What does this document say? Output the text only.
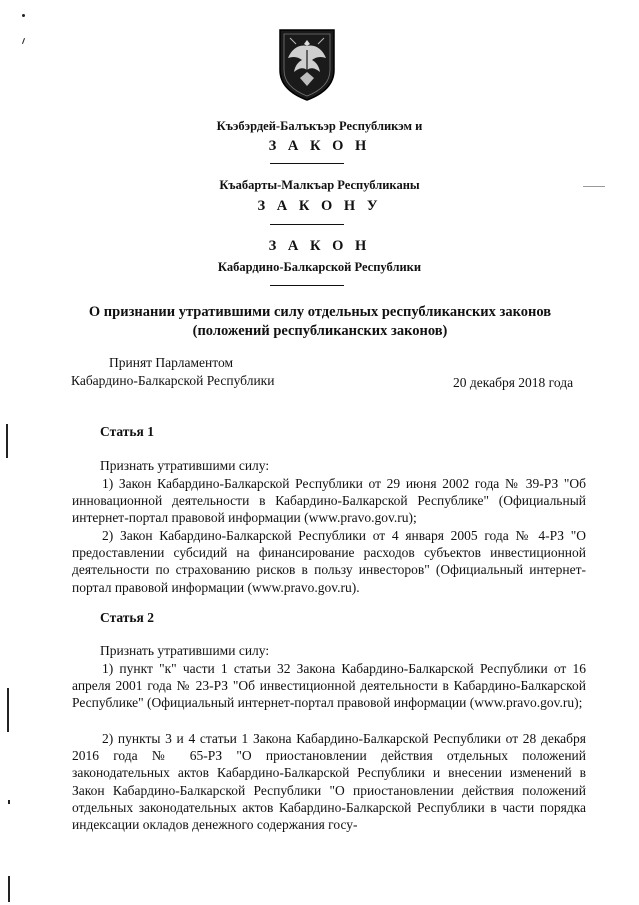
Къэбэрдей-Балъкъэр Республикэм и
З А К О Н
Къабарты-Малкъар Республиканы
З А К О Н У
З А К О Н
Кабардино-Балкарской Республики
О признании утратившими силу отдельных республиканских законов
(положений республиканских законов)
Принят Парламентом
Кабардино-Балкарской Республики	20 декабря 2018 года
Статья 1
Признать утратившими силу:
1) Закон Кабардино-Балкарской Республики от 29 июня 2002 года № 39-РЗ "Об инновационной деятельности в Кабардино-Балкарской Республике" (Официальный интернет-портал правовой информации (www.pravo.gov.ru);
2) Закон Кабардино-Балкарской Республики от 4 января 2005 года № 4-РЗ "О предоставлении субсидий на финансирование расходов субъектов инвестиционной деятельности по страхованию рисков в пользу инвесторов" (Официальный интернет-портал правовой информации (www.pravo.gov.ru).
Статья 2
Признать утратившими силу:
1) пункт "к" части 1 статьи 32 Закона Кабардино-Балкарской Республики от 16 апреля 2001 года № 23-РЗ "Об инвестиционной деятельности в Кабардино-Балкарской Республике" (Официальный интернет-портал правовой информации (www.pravo.gov.ru);
2) пункты 3 и 4 статьи 1 Закона Кабардино-Балкарской Республики от 28 декабря 2016 года № 65-РЗ "О приостановлении действия отдельных положений законодательных актов Кабардино-Балкарской Республики и внесении изменений в Закон Кабардино-Балкарской Республики "О приостановлении действия положений отдельных законодательных актов Кабардино-Балкарской Республики в части порядка индексации окладов денежного содержания госу-
